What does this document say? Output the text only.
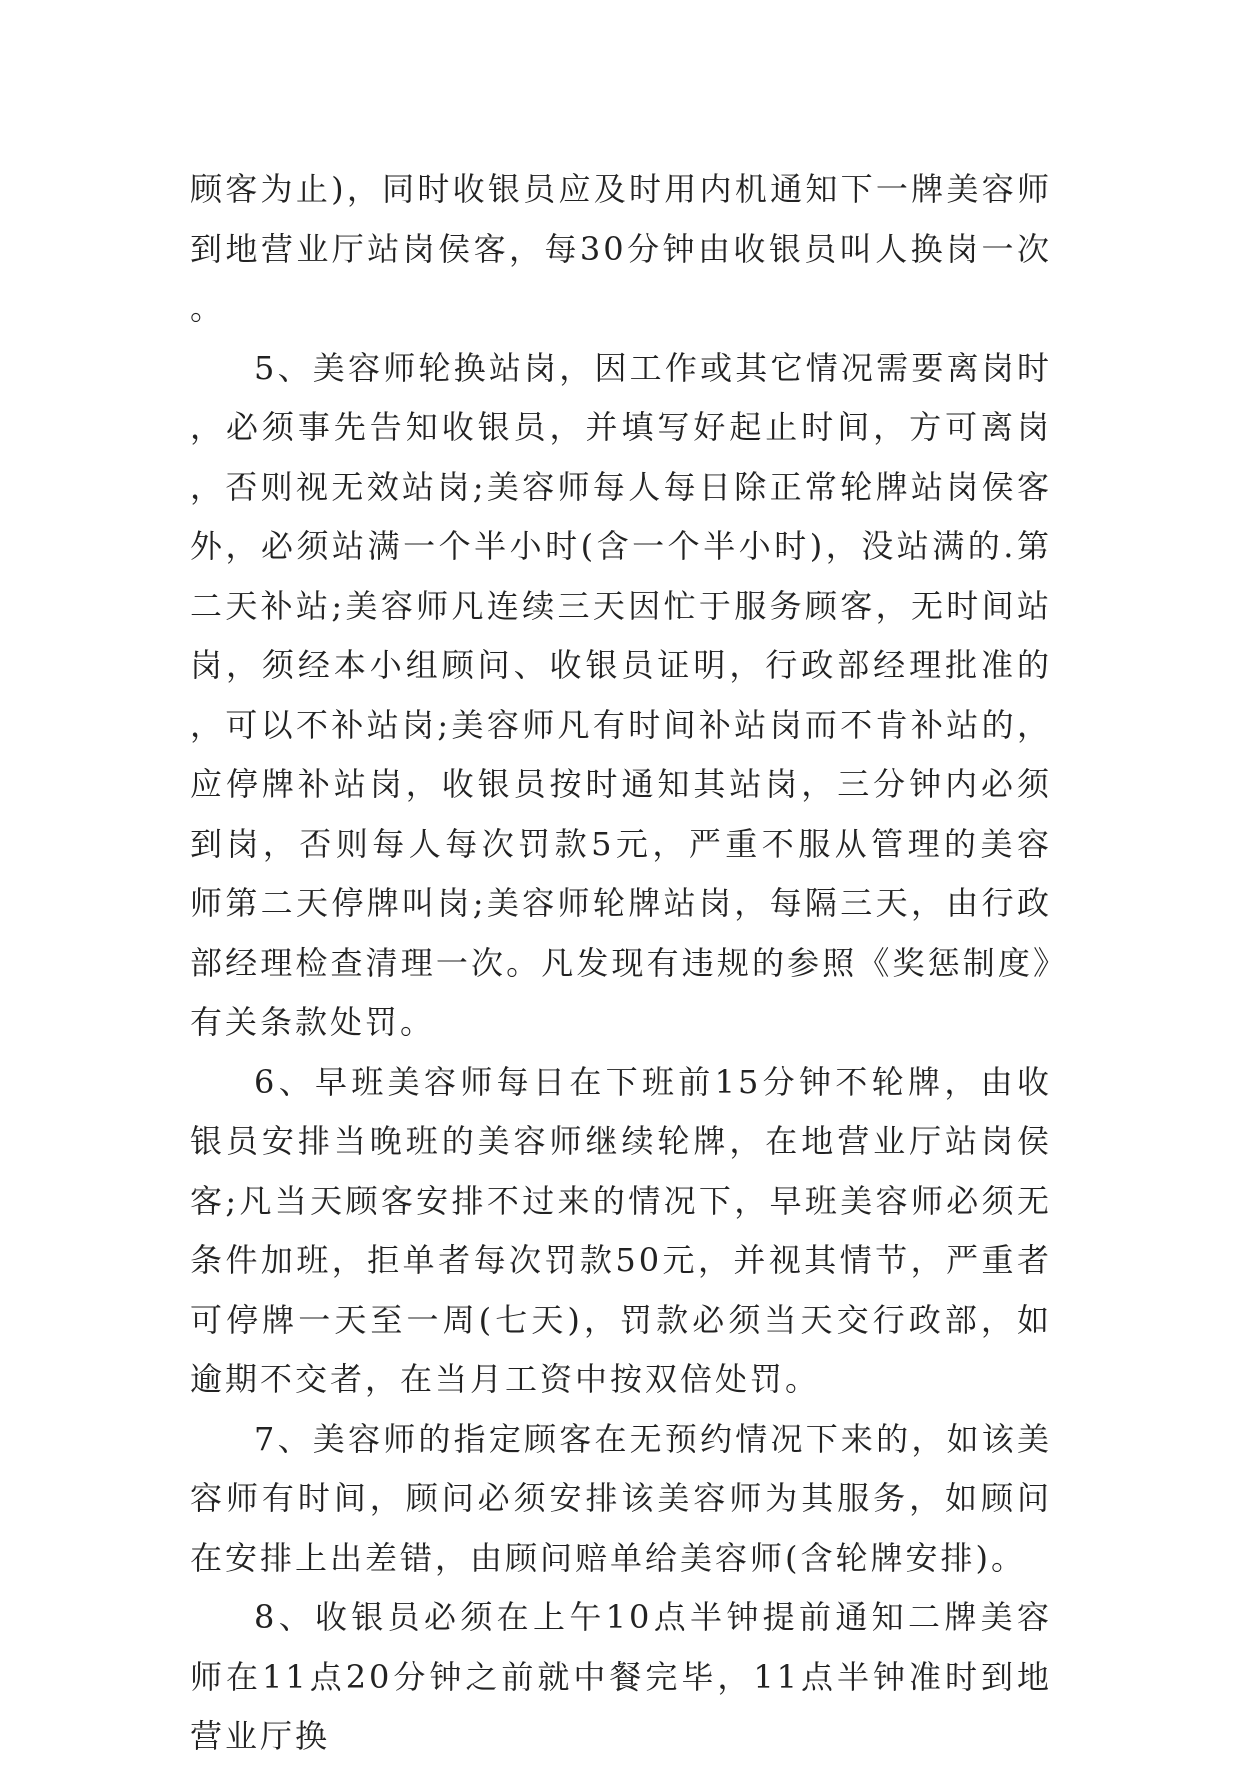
顾客为止)，同时收银员应及时用内机通知下一牌美容师到地营业厅站岗侯客，每30分钟由收银员叫人换岗一次。

5、美容师轮换站岗，因工作或其它情况需要离岗时，必须事先告知收银员，并填写好起止时间，方可离岗，否则视无效站岗;美容师每人每日除正常轮牌站岗侯客外，必须站满一个半小时(含一个半小时)，没站满的.第二天补站;美容师凡连续三天因忙于服务顾客，无时间站岗，须经本小组顾问、收银员证明，行政部经理批准的，可以不补站岗;美容师凡有时间补站岗而不肯补站的，应停牌补站岗，收银员按时通知其站岗，三分钟内必须到岗，否则每人每次罚款5元，严重不服从管理的美容师第二天停牌叫岗;美容师轮牌站岗，每隔三天，由行政部经理检查清理一次。凡发现有违规的参照《奖惩制度》有关条款处罚。

6、早班美容师每日在下班前15分钟不轮牌，由收银员安排当晚班的美容师继续轮牌，在地营业厅站岗侯客;凡当天顾客安排不过来的情况下，早班美容师必须无条件加班，拒单者每次罚款50元，并视其情节，严重者可停牌一天至一周(七天)，罚款必须当天交行政部，如逾期不交者，在当月工资中按双倍处罚。

7、美容师的指定顾客在无预约情况下来的，如该美容师有时间，顾问必须安排该美容师为其服务，如顾问在安排上出差错，由顾问赔单给美容师(含轮牌安排)。

8、收银员必须在上午10点半钟提前通知二牌美容师在11点20分钟之前就中餐完毕，11点半钟准时到地营业厅换
